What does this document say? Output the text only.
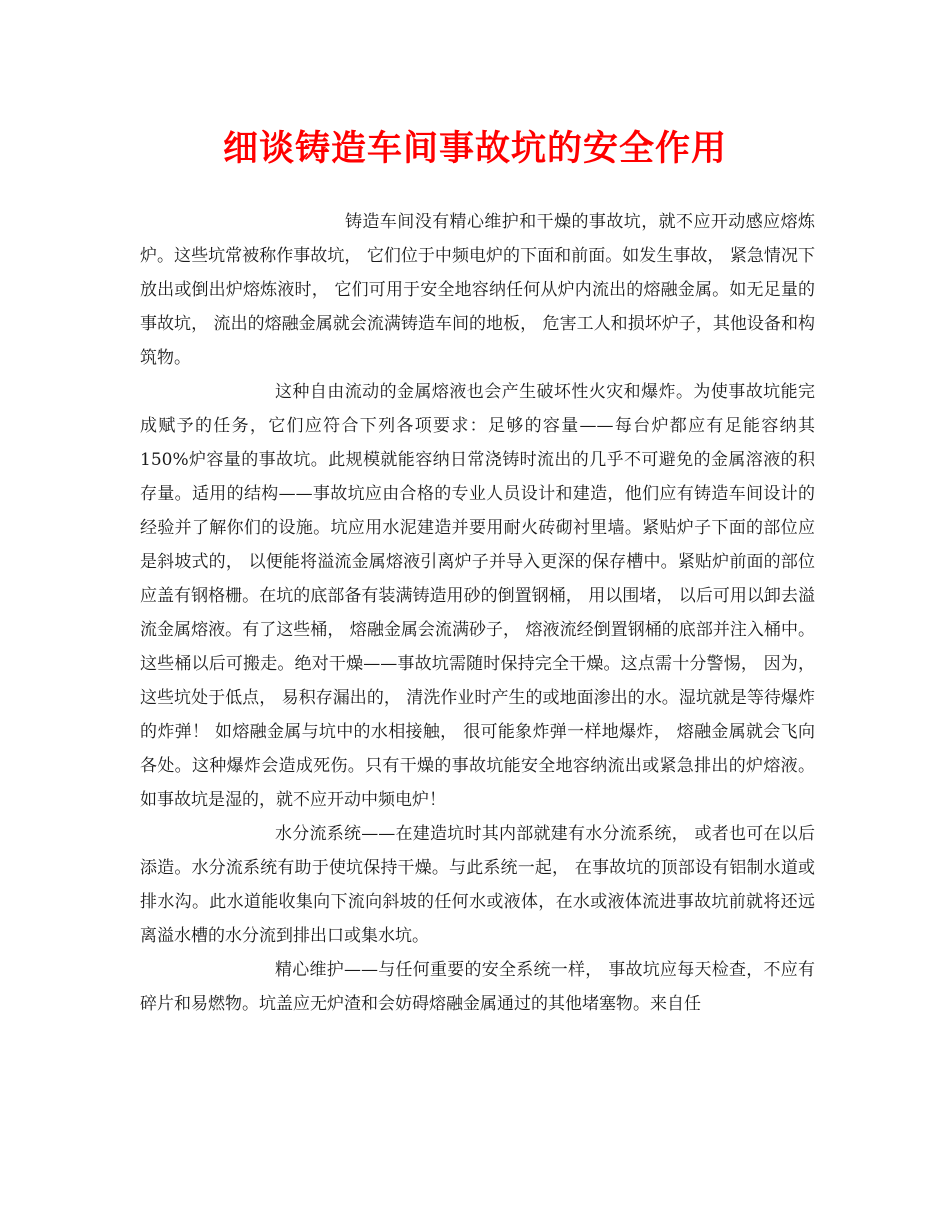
细谈铸造车间事故坑的安全作用

铸造车间没有精心维护和干燥的事故坑，就不应开动感应熔炼炉。这些坑常被称作事故坑， 它们位于中频电炉的下面和前面。如发生事故， 紧急情况下放出或倒出炉熔炼液时， 它们可用于安全地容纳任何从炉内流出的熔融金属。如无足量的事故坑， 流出的熔融金属就会流满铸造车间的地板， 危害工人和损坏炉子，其他设备和构筑物。

这种自由流动的金属熔液也会产生破坏性火灾和爆炸。为使事故坑能完成赋予的任务，它们应符合下列各项要求：足够的容量——每台炉都应有足能容纳其150%炉容量的事故坑。此规模就能容纳日常浇铸时流出的几乎不可避免的金属溶液的积存量。适用的结构——事故坑应由合格的专业人员设计和建造，他们应有铸造车间设计的经验并了解你们的设施。坑应用水泥建造并要用耐火砖砌衬里墙。紧贴炉子下面的部位应是斜坡式的， 以便能将溢流金属熔液引离炉子并导入更深的保存槽中。紧贴炉前面的部位应盖有钢格栅。在坑的底部备有装满铸造用砂的倒置钢桶， 用以围堵， 以后可用以卸去溢流金属熔液。有了这些桶， 熔融金属会流满砂子， 熔液流经倒置钢桶的底部并注入桶中。这些桶以后可搬走。绝对干燥——事故坑需随时保持完全干燥。这点需十分警惕， 因为， 这些坑处于低点， 易积存漏出的， 清洗作业时产生的或地面渗出的水。湿坑就是等待爆炸的炸弹！ 如熔融金属与坑中的水相接触， 很可能象炸弹一样地爆炸， 熔融金属就会飞向各处。这种爆炸会造成死伤。只有干燥的事故坑能安全地容纳流出或紧急排出的炉熔液。如事故坑是湿的，就不应开动中频电炉！

水分流系统——在建造坑时其内部就建有水分流系统， 或者也可在以后添造。水分流系统有助于使坑保持干燥。与此系统一起， 在事故坑的顶部设有铝制水道或排水沟。此水道能收集向下流向斜坡的任何水或液体，在水或液体流进事故坑前就将还远离溢水槽的水分流到排出口或集水坑。

精心维护——与任何重要的安全系统一样， 事故坑应每天检查，不应有碎片和易燃物。坑盖应无炉渣和会妨碍熔融金属通过的其他堵塞物。来自任
